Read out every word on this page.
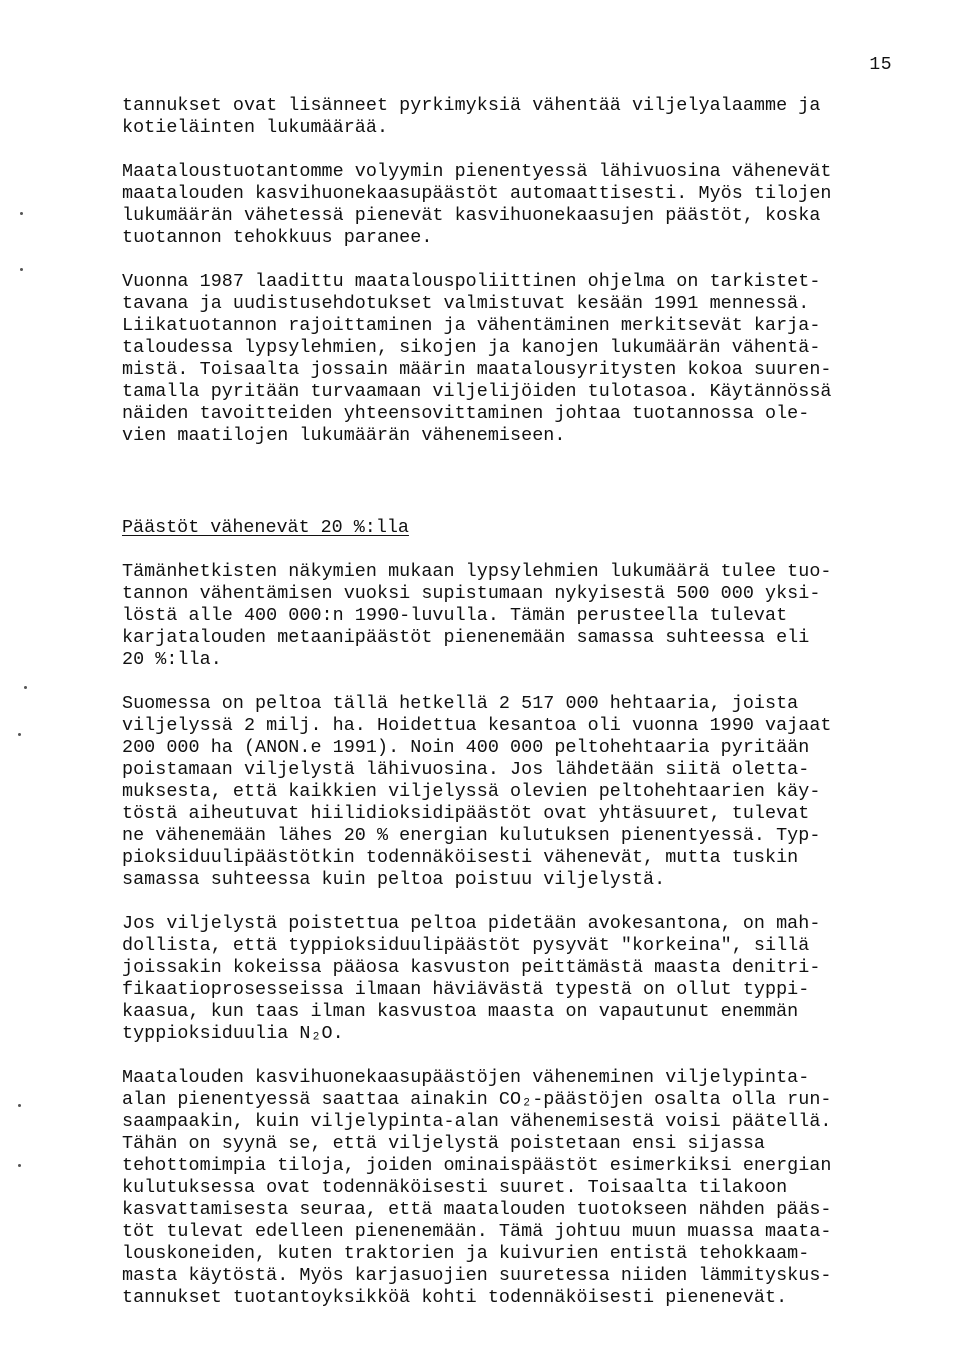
15

tannukset ovat lisänneet pyrkimyksiä vähentää viljelyalaamme ja
kotieläinten lukumäärää.

Maataloustuotantomme volyymin pienentyessä lähivuosina vähenevät
maatalouden kasvihuonekaasupäästöt automaattisesti. Myös tilojen
lukumäärän vähetessä pienevät kasvihuonekaasujen päästöt, koska
tuotannon tehokkuus paranee.

Vuonna 1987 laadittu maatalouspoliittinen ohjelma on tarkistet-
tavana ja uudistusehdotukset valmistuvat kesään 1991 mennessä.
Liikatuotannon rajoittaminen ja vähentäminen merkitsevät karja-
taloudessa lypsylehmien, sikojen ja kanojen lukumäärän vähentä-
mistä. Toisaalta jossain määrin maatalousyritysten kokoa suuren-
tamalla pyritään turvaamaan viljelijöiden tulotasoa. Käytännössä
näiden tavoitteiden yhteensovittaminen johtaa tuotannossa ole-
vien maatilojen lukumäärän vähenemiseen.

Päästöt vähenevät 20 %:lla

Tämänhetkisten näkymien mukaan lypsylehmien lukumäärä tulee tuo-
tannon vähentämisen vuoksi supistumaan nykyisestä 500 000 yksi-
löstä alle 400 000:n 1990-luvulla. Tämän perusteella tulevat
karjatalouden metaanipäästöt pienenemään samassa suhteessa eli
20 %:lla.

Suomessa on peltoa tällä hetkellä 2 517 000 hehtaaria, joista
viljelyssä 2 milj. ha. Hoidettua kesantoa oli vuonna 1990 vajaat
200 000 ha (ANON.e 1991). Noin 400 000 peltohehtaaria pyritään
poistamaan viljelystä lähivuosina. Jos lähdetään siitä oletta-
muksesta, että kaikkien viljelyssä olevien peltohehtaarien käy-
töstä aiheutuvat hiilidioksidipäästöt ovat yhtäsuuret, tulevat
ne vähenemään lähes 20 % energian kulutuksen pienentyessä. Typ-
pioksiduulipäästötkin todennäköisesti vähenevät, mutta tuskin
samassa suhteessa kuin peltoa poistuu viljelystä.

Jos viljelystä poistettua peltoa pidetään avokesantona, on mah-
dollista, että typpioksiduulipäästöt pysyvät "korkeina", sillä
joissakin kokeissa pääosa kasvuston peittämästä maasta denitri-
fikaatioprosesseissa ilmaan häviävästä typestä on ollut typpi-
kaasua, kun taas ilman kasvustoa maasta on vapautunut enemmän
typpioksiduulia N₂O.

Maatalouden kasvihuonekaasupäästöjen väheneminen viljelypinta-
alan pienentyessä saattaa ainakin CO₂-päästöjen osalta olla run-
saampaakin, kuin viljelypinta-alan vähenemisestä voisi päätellä.
Tähän on syynä se, että viljelystä poistetaan ensi sijassa
tehottomimpia tiloja, joiden ominaispäästöt esimerkiksi energian
kulutuksessa ovat todennäköisesti suuret. Toisaalta tilakoon
kasvattamisesta seuraa, että maatalouden tuotokseen nähden pääs-
töt tulevat edelleen pienenemään. Tämä johtuu muun muassa maata-
louskoneiden, kuten traktorien ja kuivurien entistä tehokkaam-
masta käytöstä. Myös karjasuojien suuretessa niiden lämmityskus-
tannukset tuotantoyksikköä kohti todennäköisesti pienenevät.
